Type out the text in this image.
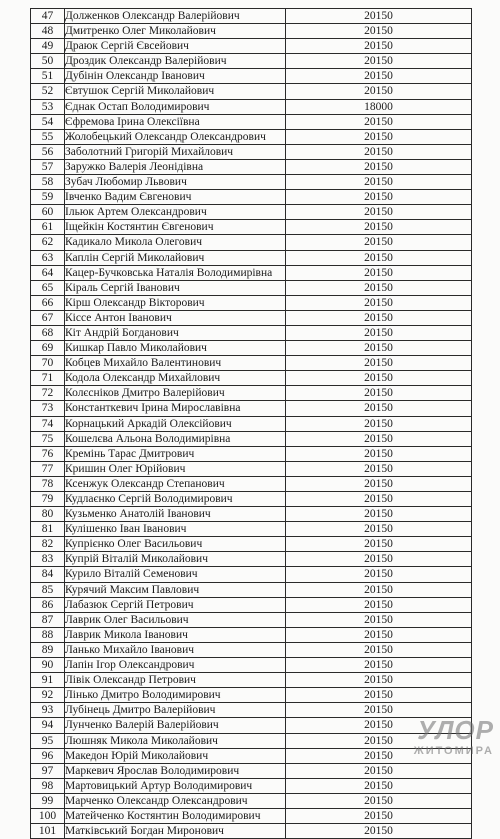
47	Долженков Олександр Валерійович	20150
48	Дмитренко Олег Миколайович	20150
49	Драюк Сергій Євсейович	20150
50	Дроздик Олександр Валерійович	20150
51	Дубінін Олександр Іванович	20150
52	Євтушок Сергій Миколайович	20150
53	Єднак Остап Володимирович	18000
54	Єфремова Ірина Олексіївна	20150
55	Жолобецький Олександр Олександрович	20150
56	Заболотний Григорій Михайлович	20150
57	Заружко Валерія Леонідівна	20150
58	Зубач Любомир Львович	20150
59	Івченко Вадим Євгенович	20150
60	Ільюк Артем Олександрович	20150
61	Іщейкін Костянтин Євгенович	20150
62	Кадикало Микола Олегович	20150
63	Каплін Сергій Миколайович	20150
64	Кацер-Бучковська Наталія Володимирівна	20150
65	Кіраль Сергій Іванович	20150
66	Кірш Олександр Вікторович	20150
67	Кіссе Антон Іванович	20150
68	Кіт Андрій Богданович	20150
69	Кишкар Павло Миколайович	20150
70	Кобцев Михайло Валентинович	20150
71	Кодола Олександр Михайлович	20150
72	Колєсніков Дмитро Валерійович	20150
73	Константкевич Ірина Мирославівна	20150
74	Корнацький Аркадій Олексійович	20150
75	Кошелєва Альона Володимирівна	20150
76	Кремінь Тарас Дмитрович	20150
77	Кришин Олег Юрійович	20150
78	Ксенжук Олександр Степанович	20150
79	Кудлаєнко Сергій Володимирович	20150
80	Кузьменко Анатолій Іванович	20150
81	Кулішенко Іван Іванович	20150
82	Купрієнко Олег Васильович	20150
83	Купрій Віталій Миколайович	20150
84	Курило Віталій Семенович	20150
85	Курячий Максим Павлович	20150
86	Лабазюк Сергій Петрович	20150
87	Лаврик Олег Васильович	20150
88	Лаврик Микола Іванович	20150
89	Ланько Михайло Іванович	20150
90	Лапін Ігор Олександрович	20150
91	Лівік Олександр Петрович	20150
92	Лінько Дмитро Володимирович	20150
93	Лубінець Дмитро Валерійович	20150
94	Лунченко Валерій Валерійович	20150
95	Люшняк Микола Миколайович	20150
96	Македон Юрій Миколайович	20150
97	Маркевич Ярослав Володимирович	20150
98	Мартовицький Артур Володимирович	20150
99	Марченко Олександр Олександрович	20150
100	Матейченко Костянтин Володимирович	20150
101	Матківський Богдан Миронович	20150
УЛОР
ЖИТОМИРА
